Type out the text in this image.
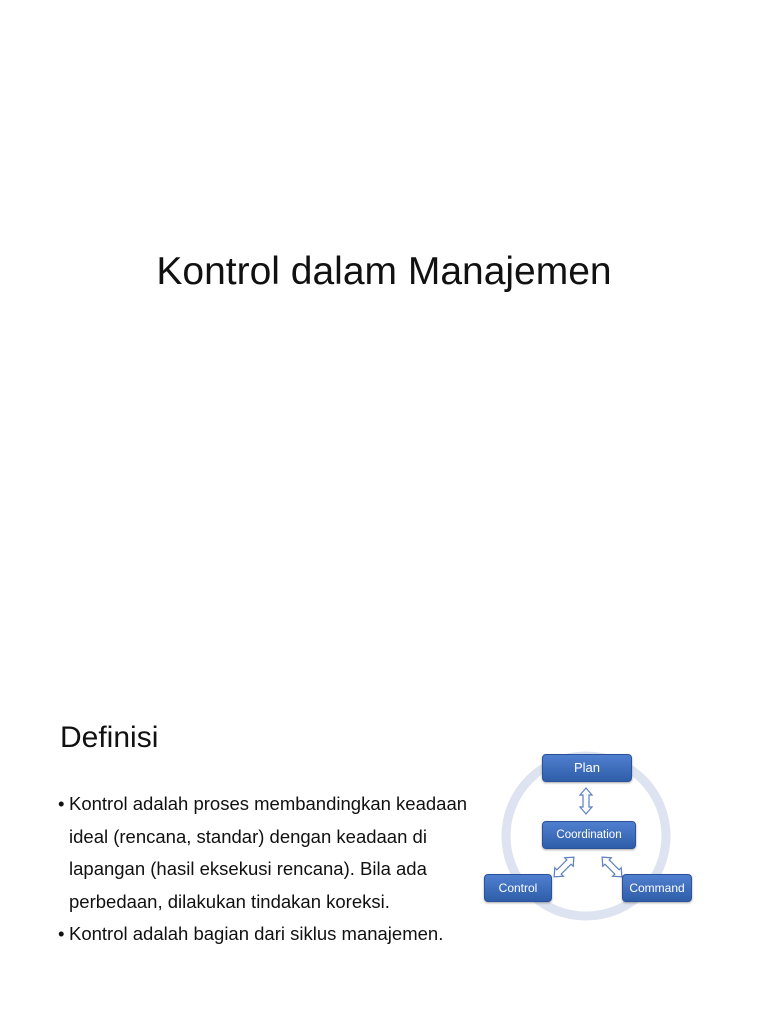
Kontrol dalam Manajemen
Definisi
• Kontrol adalah proses membandingkan keadaan ideal (rencana, standar) dengan keadaan di lapangan (hasil eksekusi rencana). Bila ada perbedaan, dilakukan tindakan koreksi.
• Kontrol adalah bagian dari siklus manajemen.
Plan
Coordination
Control	Command
